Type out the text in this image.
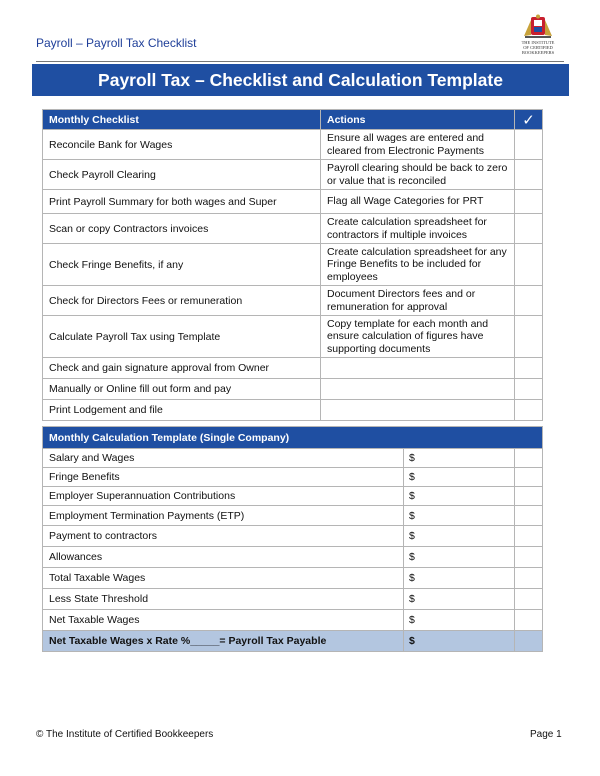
Payroll – Payroll Tax Checklist	THE INSTITUTE
OF CERTIFIED
BOOKKEEPERS
Payroll Tax – Checklist and Calculation Template
Monthly Checklist	Actions	✓
Reconcile Bank for Wages	Ensure all wages are entered and cleared from Electronic Payments	
Check Payroll Clearing	Payroll clearing should be back to zero or value that is reconciled	
Print Payroll Summary for both wages and Super	Flag all Wage Categories for PRT	
Scan or copy Contractors invoices	Create calculation spreadsheet for contractors if multiple invoices	
Check Fringe Benefits, if any	Create calculation spreadsheet for any Fringe Benefits to be included for employees	
Check for Directors Fees or remuneration	Document Directors fees and or remuneration for approval	
Calculate Payroll Tax using Template	Copy template for each month and ensure calculation of figures have supporting documents	
Check and gain signature approval from Owner		
Manually or Online fill out form and pay		
Print Lodgement and file		
Monthly Calculation Template (Single Company)		
Salary and Wages	$	
Fringe Benefits	$	
Employer Superannuation Contributions	$	
Employment Termination Payments (ETP)	$	
Payment to contractors	$	
Allowances	$	
Total Taxable Wages	$	
Less State Threshold	$	
Net Taxable Wages	$	
Net Taxable Wages x Rate %_____= Payroll Tax Payable	$	
© The Institute of Certified Bookkeepers	Page 1
